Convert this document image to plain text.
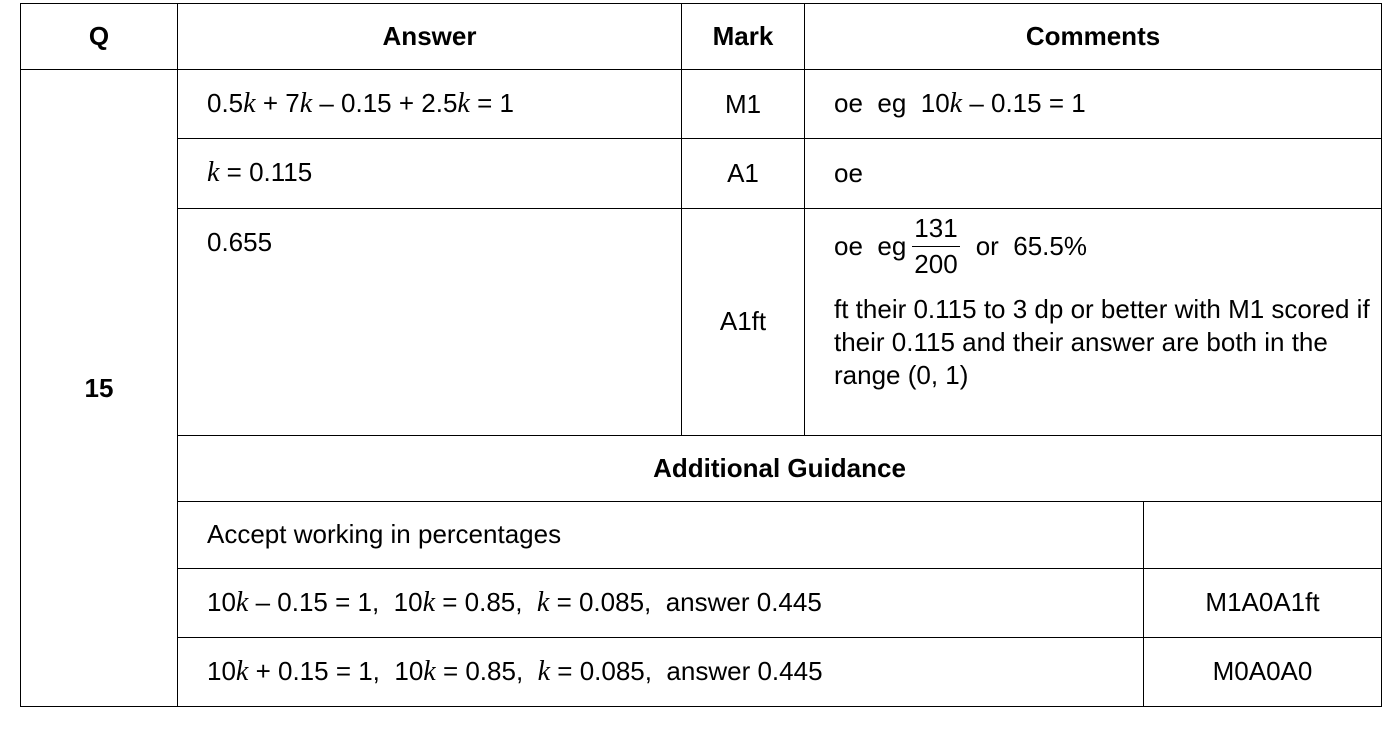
Q	Answer	Mark	Comments	
15	0.5k + 7k – 0.15 + 2.5k = 1	M1	oe  eg  10k – 0.15 = 1	
	k = 0.115	A1	oe	

	0.655	A1ft	oe  eg $\frac{131}{200}$ or  65.5%
ft their 0.115 to 3 dp or better with M1 scored if their 0.115 and their answer are both in the range (0, 1)	

	Additional Guidance			
	Accept working in percentages			
	10k – 0.15 = 1,  10k = 0.85,  k = 0.085,  answer 0.445			M1A0A1ft
	10k + 0.15 = 1,  10k = 0.85,  k = 0.085,  answer 0.445			M0A0A0
